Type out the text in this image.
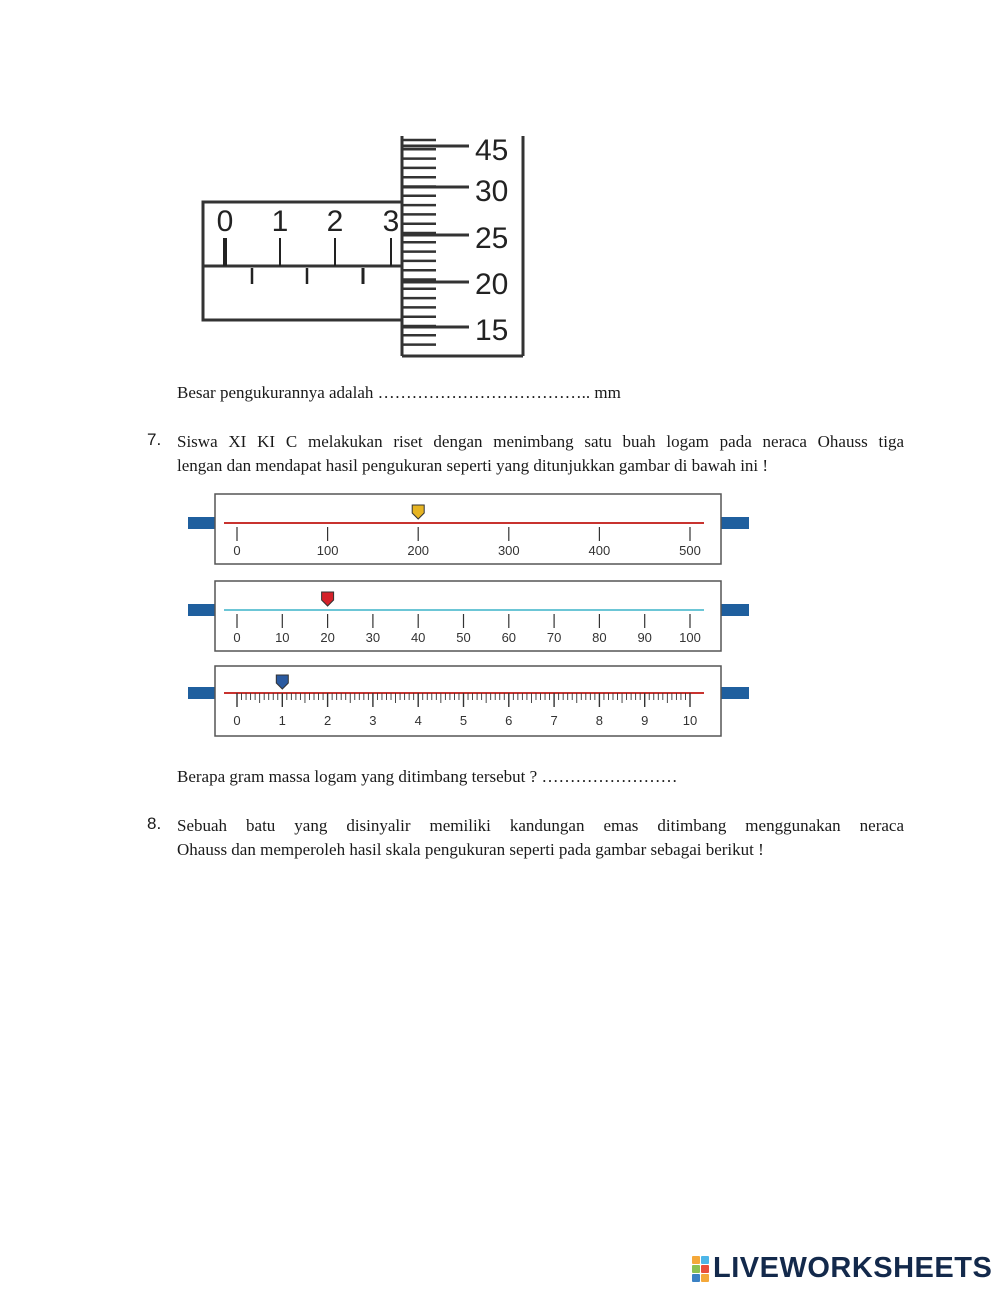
0 1 2 3
45
30
25
20
15
Besar pengukurannya adalah ……………………………….. mm
7. Siswa XI KI C melakukan riset dengan menimbang satu buah logam pada neraca Ohauss tiga
lengan dan mendapat hasil pengukuran seperti yang ditunjukkan gambar di bawah ini !
0	100	200	300	400	500
0	10 20 30 40 50 60 70 80 90 100
0	1	2	3	4	5	6	7	8	9	10
Berapa gram massa logam yang ditimbang tersebut ? ……………………
8. Sebuah batu yang disinyalir memiliki kandungan emas ditimbang menggunakan neraca
Ohauss dan memperoleh hasil skala pengukuran seperti pada gambar sebagai berikut !
LIVEWORKSHEETS
